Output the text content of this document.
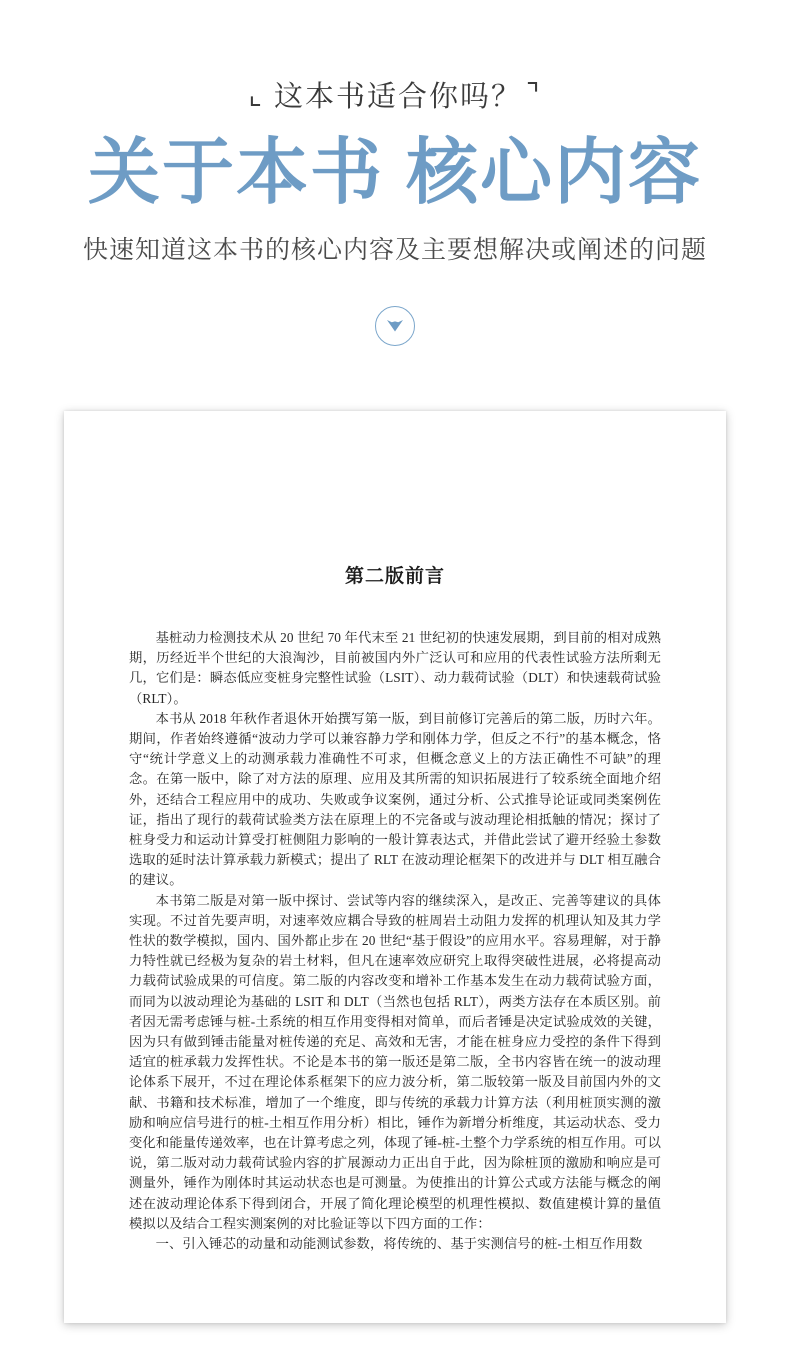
⌞ 这本书适合你吗？ ⌝
关于本书 核心内容
快速知道这本书的核心内容及主要想解决或阐述的问题
第二版前言

基桩动力检测技术从 20 世纪 70 年代末至 21 世纪初的快速发展期，到目前的相对成熟期，历经近半个世纪的大浪淘沙，目前被国内外广泛认可和应用的代表性试验方法所剩无几，它们是：瞬态低应变桩身完整性试验（LSIT）、动力载荷试验（DLT）和快速载荷试验（RLT）。

本书从 2018 年秋作者退休开始撰写第一版，到目前修订完善后的第二版，历时六年。期间，作者始终遵循“波动力学可以兼容静力学和刚体力学，但反之不行”的基本概念，恪守“统计学意义上的动测承载力准确性不可求，但概念意义上的方法正确性不可缺”的理念。在第一版中，除了对方法的原理、应用及其所需的知识拓展进行了较系统全面地介绍外，还结合工程应用中的成功、失败或争议案例，通过分析、公式推导论证或同类案例佐证，指出了现行的载荷试验类方法在原理上的不完备或与波动理论相抵触的情况；探讨了桩身受力和运动计算受打桩侧阻力影响的一般计算表达式，并借此尝试了避开经验土参数选取的延时法计算承载力新模式；提出了 RLT 在波动理论框架下的改进并与 DLT 相互融合的建议。

本书第二版是对第一版中探讨、尝试等内容的继续深入，是改正、完善等建议的具体实现。不过首先要声明，对速率效应耦合导致的桩周岩土动阻力发挥的机理认知及其力学性状的数学模拟，国内、国外都止步在 20 世纪“基于假设”的应用水平。容易理解，对于静力特性就已经极为复杂的岩土材料，但凡在速率效应研究上取得突破性进展，必将提高动力载荷试验成果的可信度。第二版的内容改变和增补工作基本发生在动力载荷试验方面，而同为以波动理论为基础的 LSIT 和 DLT（当然也包括 RLT），两类方法存在本质区别。前者因无需考虑锤与桩-土系统的相互作用变得相对简单，而后者锤是决定试验成效的关键，因为只有做到锤击能量对桩传递的充足、高效和无害，才能在桩身应力受控的条件下得到适宜的桩承载力发挥性状。不论是本书的第一版还是第二版，全书内容皆在统一的波动理论体系下展开，不过在理论体系框架下的应力波分析，第二版较第一版及目前国内外的文献、书籍和技术标准，增加了一个维度，即与传统的承载力计算方法（利用桩顶实测的激励和响应信号进行的桩-土相互作用分析）相比，锤作为新增分析维度，其运动状态、受力变化和能量传递效率，也在计算考虑之列，体现了锤-桩-土整个力学系统的相互作用。可以说，第二版对动力载荷试验内容的扩展源动力正出自于此，因为除桩顶的激励和响应是可测量外，锤作为刚体时其运动状态也是可测量。为使推出的计算公式或方法能与概念的阐述在波动理论体系下得到闭合，开展了简化理论模型的机理性模拟、数值建模计算的量值模拟以及结合工程实测案例的对比验证等以下四方面的工作：

一、引入锤芯的动量和动能测试参数，将传统的、基于实测信号的桩-土相互作用数
